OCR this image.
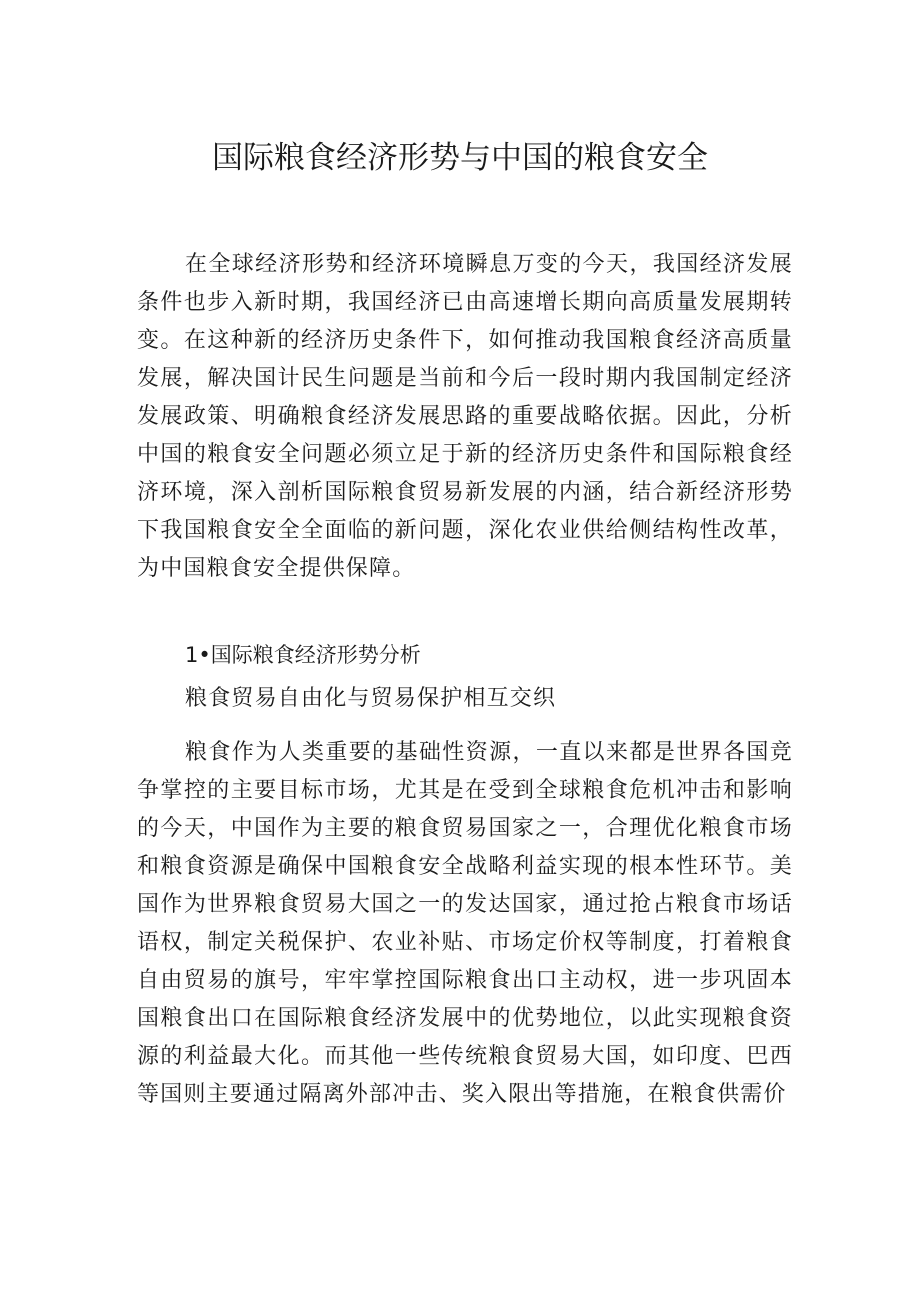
国际粮食经济形势与中国的粮食安全

在全球经济形势和经济环境瞬息万变的今天，我国经济发展条件也步入新时期，我国经济已由高速增长期向高质量发展期转变。在这种新的经济历史条件下，如何推动我国粮食经济高质量发展，解决国计民生问题是当前和今后一段时期内我国制定经济发展政策、明确粮食经济发展思路的重要战略依据。因此，分析中国的粮食安全问题必须立足于新的经济历史条件和国际粮食经济环境，深入剖析国际粮食贸易新发展的内涵，结合新经济形势下我国粮食安全全面临的新问题，深化农业供给侧结构性改革，为中国粮食安全提供保障。

1•国际粮食经济形势分析

粮食贸易自由化与贸易保护相互交织

粮食作为人类重要的基础性资源，一直以来都是世界各国竞争掌控的主要目标市场，尤其是在受到全球粮食危机冲击和影响的今天，中国作为主要的粮食贸易国家之一，合理优化粮食市场和粮食资源是确保中国粮食安全战略利益实现的根本性环节。美国作为世界粮食贸易大国之一的发达国家，通过抢占粮食市场话语权，制定关税保护、农业补贴、市场定价权等制度，打着粮食自由贸易的旗号，牢牢掌控国际粮食出口主动权，进一步巩固本国粮食出口在国际粮食经济发展中的优势地位，以此实现粮食资源的利益最大化。而其他一些传统粮食贸易大国，如印度、巴西等国则主要通过隔离外部冲击、奖入限出等措施，在粮食供需价
